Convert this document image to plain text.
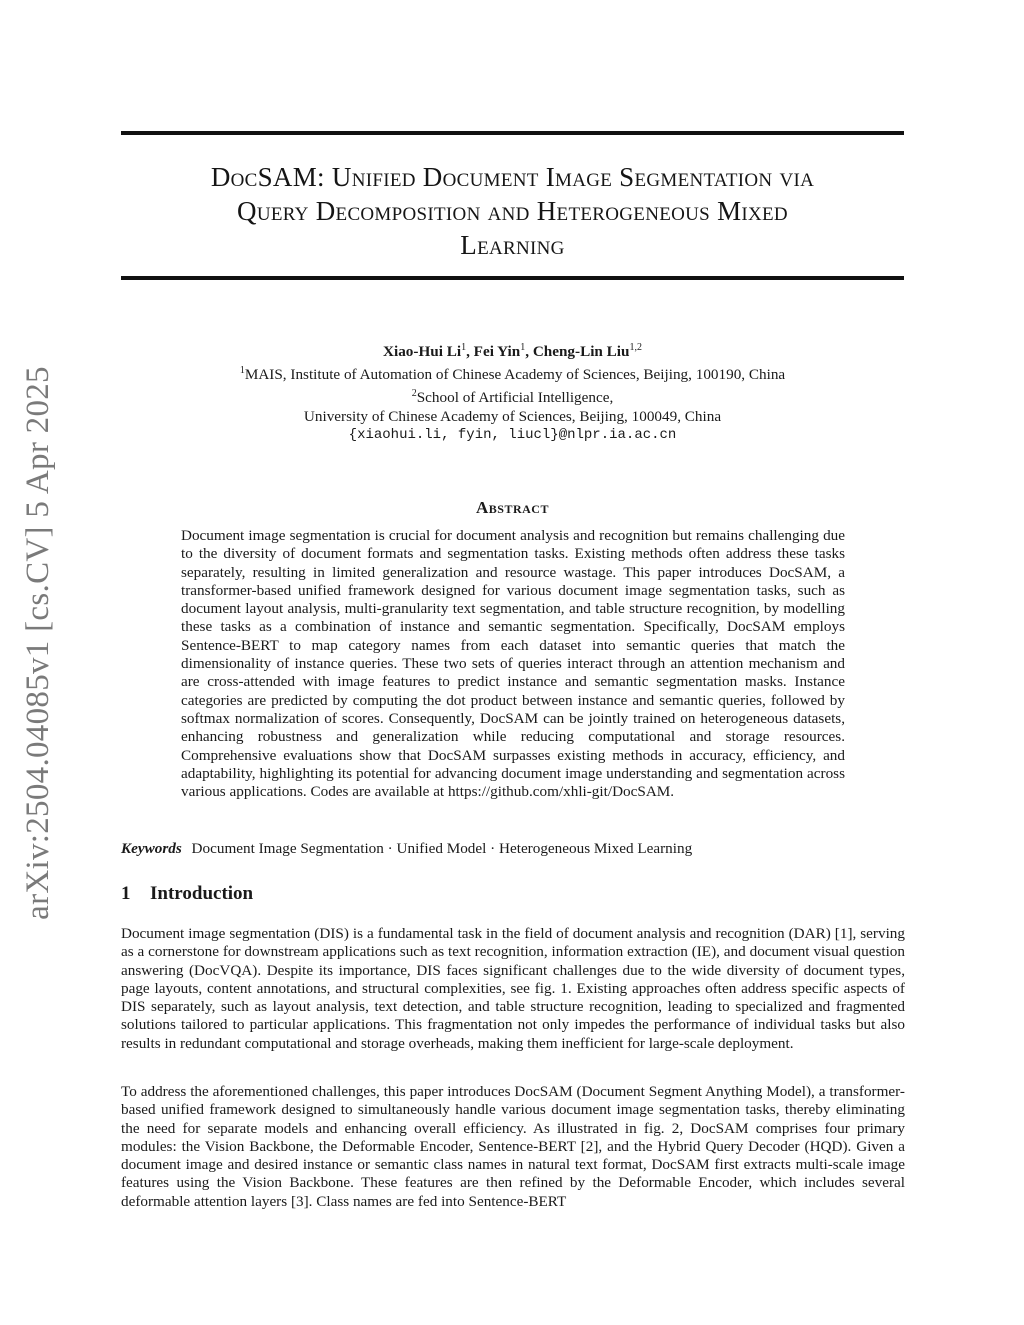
arXiv:2504.04085v1 [cs.CV] 5 Apr 2025
DocSAM: Unified Document Image Segmentation via
Query Decomposition and Heterogeneous Mixed
Learning
Xiao-Hui Li$^1$, Fei Yin$^1$, Cheng-Lin Liu$^{1,2}$
$^1$MAIS, Institute of Automation of Chinese Academy of Sciences, Beijing, 100190, China
$^2$School of Artificial Intelligence,
University of Chinese Academy of Sciences, Beijing, 100049, China
{xiaohui.li, fyin, liucl}@nlpr.ia.ac.cn
Abstract
Document image segmentation is crucial for document analysis and recognition but remains challenging due to the diversity of document formats and segmentation tasks. Existing methods often address these tasks separately, resulting in limited generalization and resource wastage. This paper introduces DocSAM, a transformer-based unified framework designed for various document image segmentation tasks, such as document layout analysis, multi-granularity text segmentation, and table structure recognition, by modelling these tasks as a combination of instance and semantic segmentation. Specifically, DocSAM employs Sentence-BERT to map category names from each dataset into semantic queries that match the dimensionality of instance queries. These two sets of queries interact through an attention mechanism and are cross-attended with image features to predict instance and semantic segmentation masks. Instance categories are predicted by computing the dot product between instance and semantic queries, followed by softmax normalization of scores. Consequently, DocSAM can be jointly trained on heterogeneous datasets, enhancing robustness and generalization while reducing computational and storage resources. Comprehensive evaluations show that DocSAM surpasses existing methods in accuracy, efficiency, and adaptability, highlighting its potential for advancing document image understanding and segmentation across various applications. Codes are available at https://github.com/xhli-git/DocSAM.
Keywords Document Image Segmentation · Unified Model · Heterogeneous Mixed Learning
1 Introduction
Document image segmentation (DIS) is a fundamental task in the field of document analysis and recognition (DAR) [1], serving as a cornerstone for downstream applications such as text recognition, information extraction (IE), and document visual question answering (DocVQA). Despite its importance, DIS faces significant challenges due to the wide diversity of document types, page layouts, content annotations, and structural complexities, see fig. 1. Existing approaches often address specific aspects of DIS separately, such as layout analysis, text detection, and table structure recognition, leading to specialized and fragmented solutions tailored to particular applications. This fragmentation not only impedes the performance of individual tasks but also results in redundant computational and storage overheads, making them inefficient for large-scale deployment.
To address the aforementioned challenges, this paper introduces DocSAM (Document Segment Anything Model), a transformer-based unified framework designed to simultaneously handle various document image segmentation tasks, thereby eliminating the need for separate models and enhancing overall efficiency. As illustrated in fig. 2, DocSAM comprises four primary modules: the Vision Backbone, the Deformable Encoder, Sentence-BERT [2], and the Hybrid Query Decoder (HQD). Given a document image and desired instance or semantic class names in natural text format, DocSAM first extracts multi-scale image features using the Vision Backbone. These features are then refined by the Deformable Encoder, which includes several deformable attention layers [3]. Class names are fed into Sentence-BERT
